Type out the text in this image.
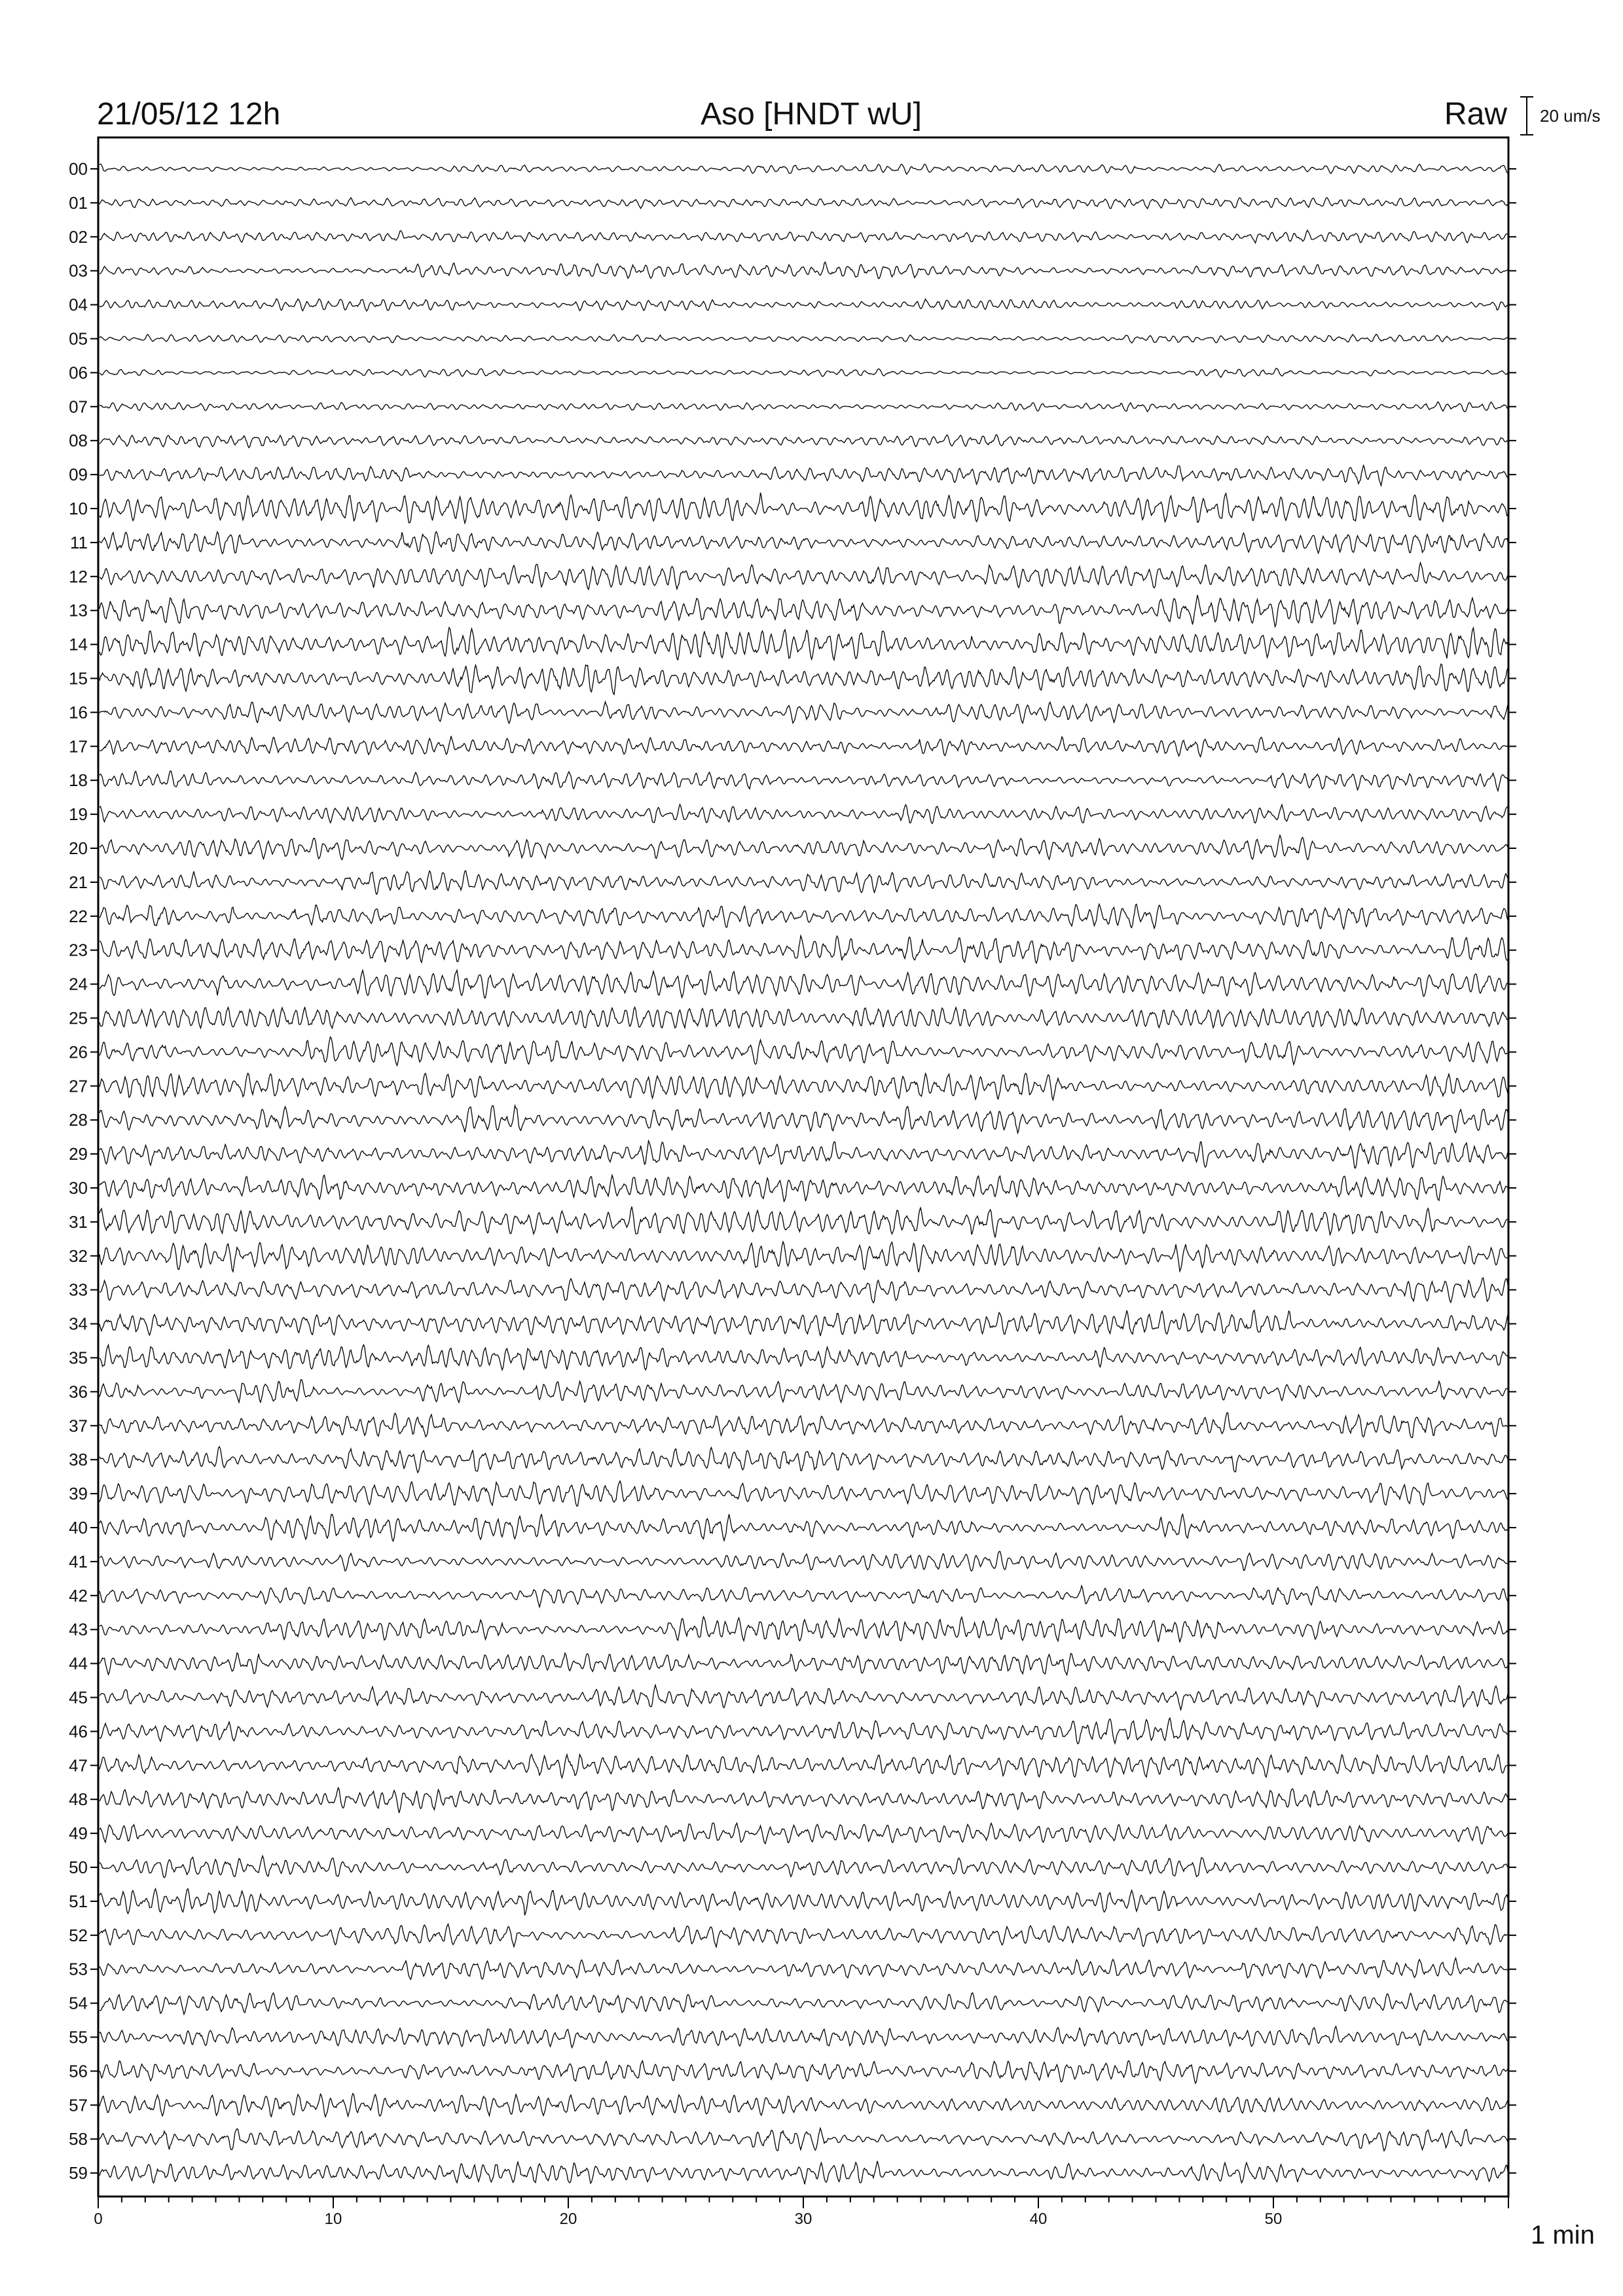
21/05/12 12h	Aso [HNDT wU]	Raw 20 um/s
00
01
02
03
04
05
06
07
08
09
10
11
12
13
14
15
16
17
18
19
20
21
22
23
24
25
26
27
28
29
30
31
32
33
34
35
36
37
38
39
40
41
42
43
44
45
46
47
48
49
50
51
52
53
54
55
56
57
58
59
0	10	20	30	40	50
1 min
